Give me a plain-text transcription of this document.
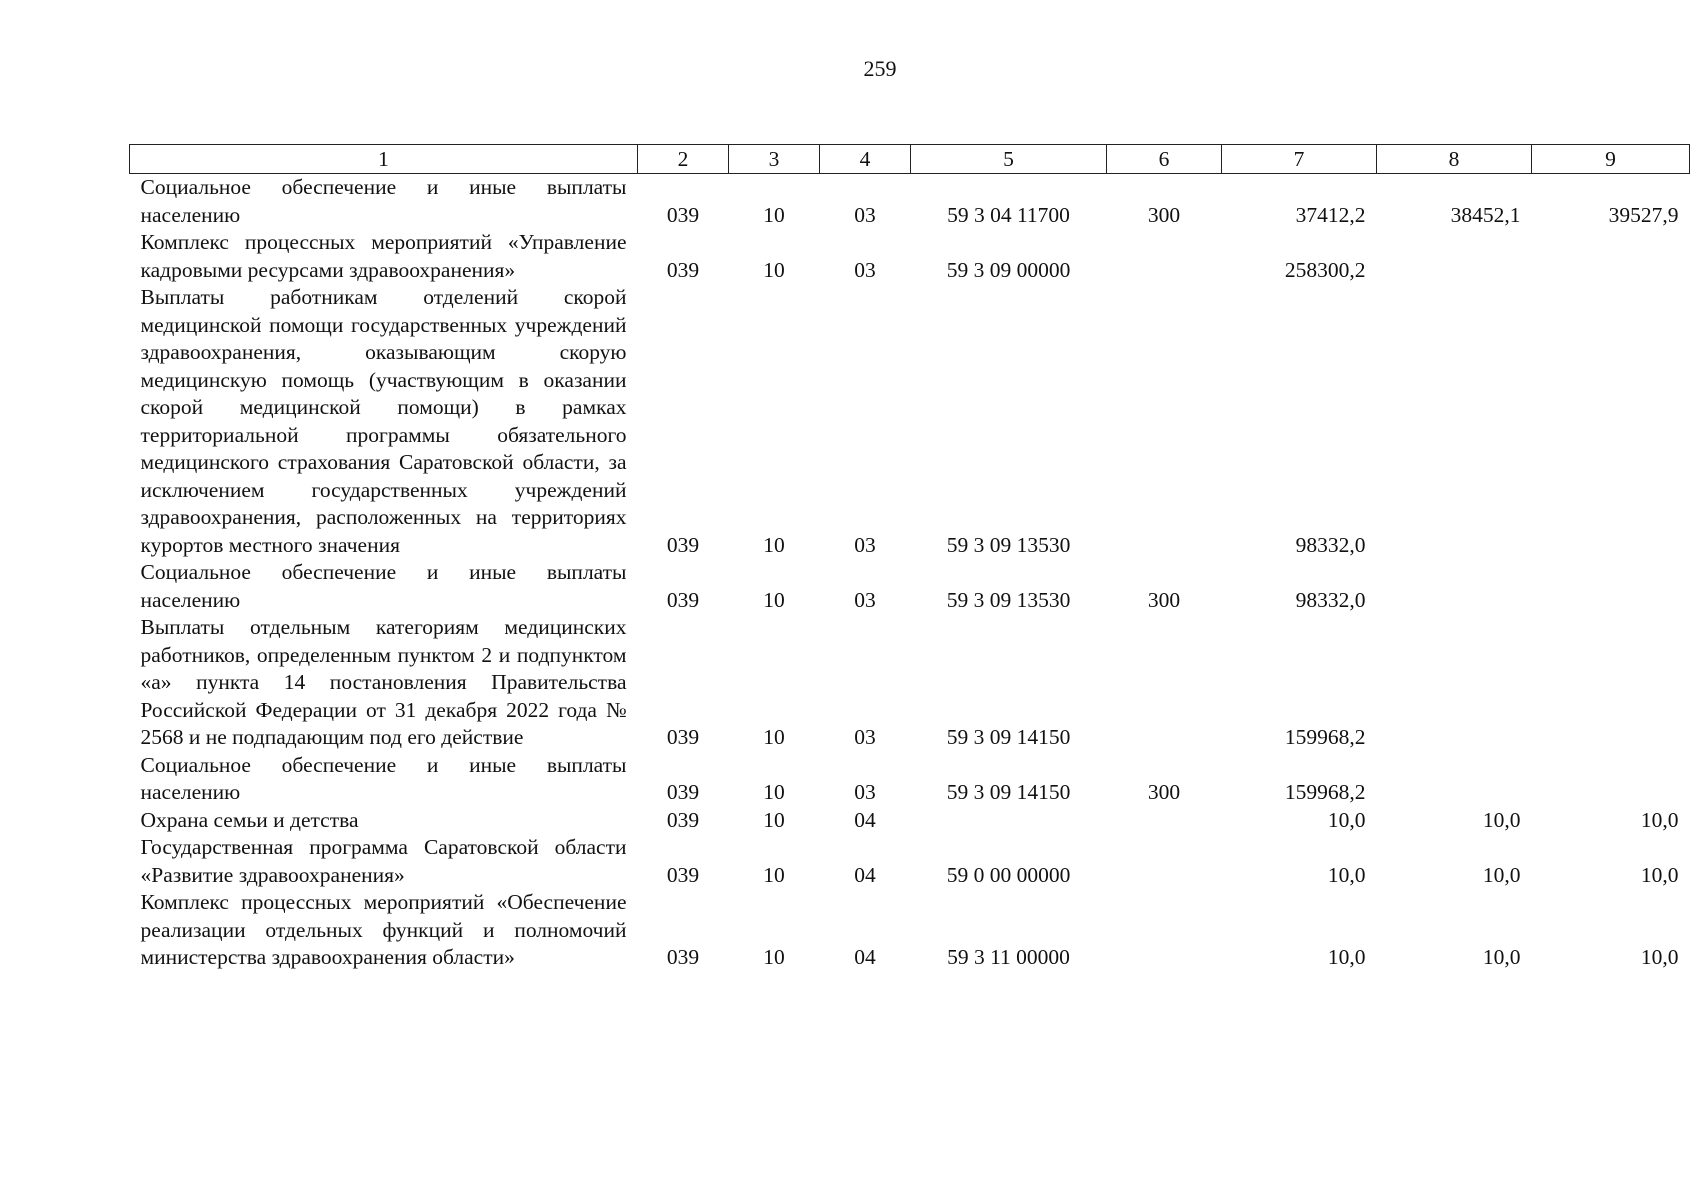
259
1	2	3	4	5	6	7	8	9
Социальное обеспечение и иные выплаты населению	039	10	03	59 3 04 11700	300	37412,2	38452,1	39527,9
Комплекс процессных мероприятий «Управление кадровыми ресурсами здравоохранения»	039	10	03	59 3 09 00000		258300,2		
Выплаты работникам отделений скорой медицинской помощи государственных учреждений здравоохранения, оказывающим скорую медицинскую помощь (участвующим в оказании скорой медицинской помощи) в рамках территориальной программы обязательного медицинского страхования Саратовской области, за исключением государственных учреждений здравоохранения, расположенных на территориях курортов местного значения	039	10	03	59 3 09 13530		98332,0		
Социальное обеспечение и иные выплаты населению	039	10	03	59 3 09 13530	300	98332,0		
Выплаты отдельным категориям медицинских работников, определенным пунктом 2 и подпунктом «а» пункта 14 постановления Правительства Российской Федерации от 31 декабря 2022 года № 2568 и не подпадающим под его действие	039	10	03	59 3 09 14150		159968,2		
Социальное обеспечение и иные выплаты населению	039	10	03	59 3 09 14150	300	159968,2		
Охрана семьи и детства	039	10	04			10,0	10,0	10,0
Государственная программа Саратовской области «Развитие здравоохранения»	039	10	04	59 0 00 00000		10,0	10,0	10,0
Комплекс процессных мероприятий «Обеспечение реализации отдельных функций и полномочий министерства здравоохранения области»	039	10	04	59 3 11 00000		10,0	10,0	10,0
